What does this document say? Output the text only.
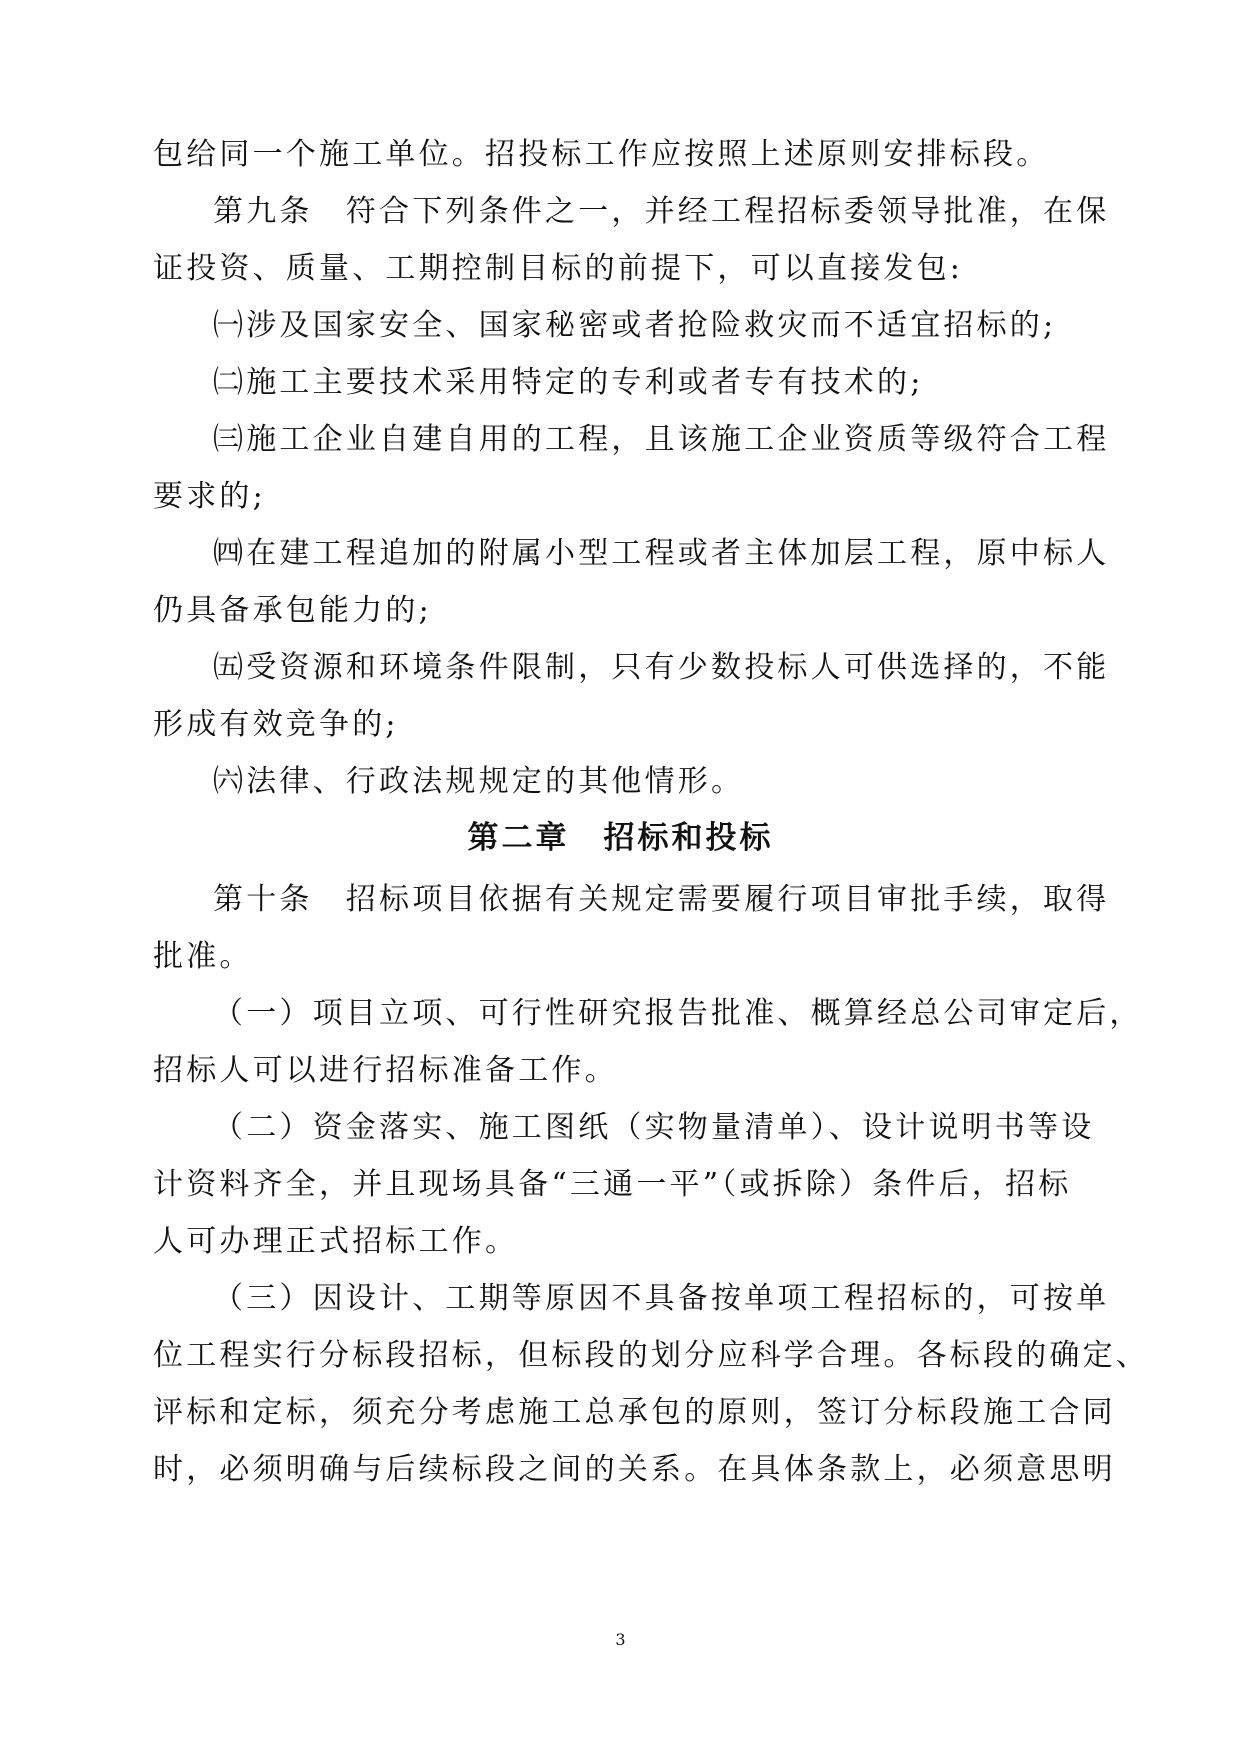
包给同一个施工单位。招投标工作应按照上述原则安排标段。
第九条　符合下列条件之一，并经工程招标委领导批准，在保
证投资、质量、工期控制目标的前提下，可以直接发包:
㈠涉及国家安全、国家秘密或者抢险救灾而不适宜招标的;
㈡施工主要技术采用特定的专利或者专有技术的;
㈢施工企业自建自用的工程，且该施工企业资质等级符合工程
要求的;
㈣在建工程追加的附属小型工程或者主体加层工程，原中标人
仍具备承包能力的;
㈤受资源和环境条件限制，只有少数投标人可供选择的，不能
形成有效竞争的;
㈥法律、行政法规规定的其他情形。
第二章　招标和投标
第十条　招标项目依据有关规定需要履行项目审批手续，取得
批准。
（一）项目立项、可行性研究报告批准、概算经总公司审定后，
招标人可以进行招标准备工作。
（二）资金落实、施工图纸（实物量清单）、设计说明书等设
计资料齐全，并且现场具备“三通一平”（或拆除）条件后，招标
人可办理正式招标工作。
（三）因设计、工期等原因不具备按单项工程招标的，可按单
位工程实行分标段招标，但标段的划分应科学合理。各标段的确定、
评标和定标，须充分考虑施工总承包的原则，签订分标段施工合同
时，必须明确与后续标段之间的关系。在具体条款上，必须意思明
3
